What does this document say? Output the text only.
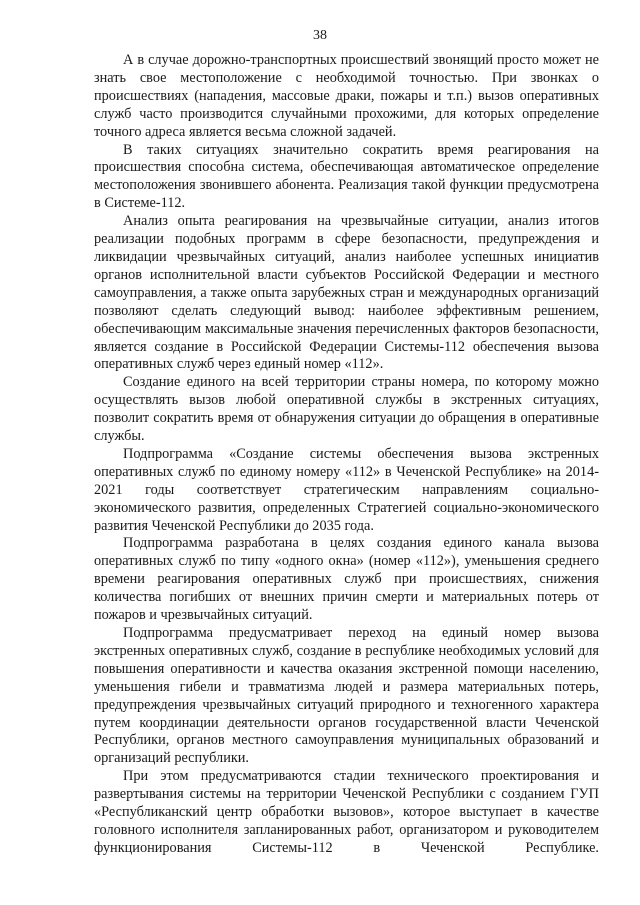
38

А в случае дорожно-транспортных происшествий звонящий просто может не знать свое местоположение с необходимой точностью. При звонках о происшествиях (нападения, массовые драки, пожары и т.п.) вызов оперативных служб часто производится случайными прохожими, для которых определение точного адреса является весьма сложной задачей.

В таких ситуациях значительно сократить время реагирования на происшествия способна система, обеспечивающая автоматическое определение местоположения звонившего абонента. Реализация такой функции предусмотрена в Системе-112.

Анализ опыта реагирования на чрезвычайные ситуации, анализ итогов реализации подобных программ в сфере безопасности, предупреждения и ликвидации чрезвычайных ситуаций, анализ наиболее успешных инициатив органов исполнительной власти субъектов Российской Федерации и местного самоуправления, а также опыта зарубежных стран и международных организаций позволяют сделать следующий вывод: наиболее эффективным решением, обеспечивающим максимальные значения перечисленных факторов безопасности, является создание в Российской Федерации Системы-112 обеспечения вызова оперативных служб через единый номер «112».

Создание единого на всей территории страны номера, по которому можно осуществлять вызов любой оперативной службы в экстренных ситуациях, позволит сократить время от обнаружения ситуации до обращения в оперативные службы.

Подпрограмма «Создание системы обеспечения вызова экстренных оперативных служб по единому номеру «112» в Чеченской Республике» на 2014-2021 годы соответствует стратегическим направлениям социально-экономического развития, определенных Стратегией социально-экономического развития Чеченской Республики до 2035 года.

Подпрограмма разработана в целях создания единого канала вызова оперативных служб по типу «одного окна» (номер «112»), уменьшения среднего времени реагирования оперативных служб при происшествиях, снижения количества погибших от внешних причин смерти и материальных потерь от пожаров и чрезвычайных ситуаций.

Подпрограмма предусматривает переход на единый номер вызова экстренных оперативных служб, создание в республике необходимых условий для повышения оперативности и качества оказания экстренной помощи населению, уменьшения гибели и травматизма людей и размера материальных потерь, предупреждения чрезвычайных ситуаций природного и техногенного характера путем координации деятельности органов государственной власти Чеченской Республики, органов местного самоуправления муниципальных образований и организаций республики.

При этом предусматриваются стадии технического проектирования и развертывания системы на территории Чеченской Республики с созданием ГУП «Республиканский центр обработки вызовов», которое выступает в качестве головного исполнителя запланированных работ, организатором и руководителем функционирования Системы-112 в Чеченской Республике.
